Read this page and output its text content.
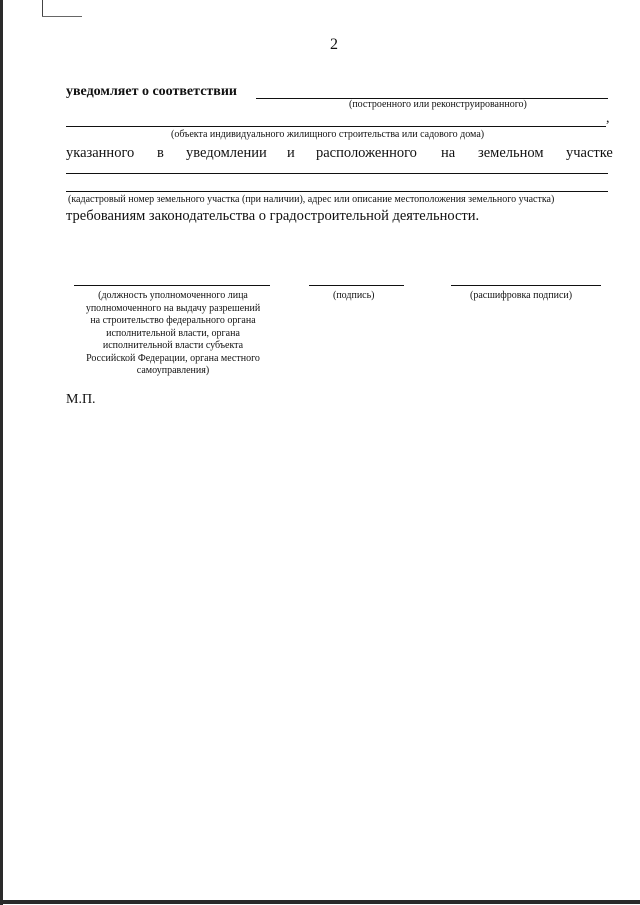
2
уведомляет о соответствии
(построенного или реконструированного)
,
(объекта индивидуального жилищного строительства или садового дома)
указанного в уведомлении и расположенного на земельном участке
(кадастровый номер земельного участка (при наличии), адрес или описание местоположения земельного участка)
требованиям законодательства о градостроительной деятельности.
(должность уполномоченного лица
уполномоченного на выдачу разрешений
на строительство федерального органа
исполнительной власти, органа
исполнительной власти субъекта
Российской Федерации, органа местного
самоуправления)
(подпись)	(расшифровка подписи)
М.П.
